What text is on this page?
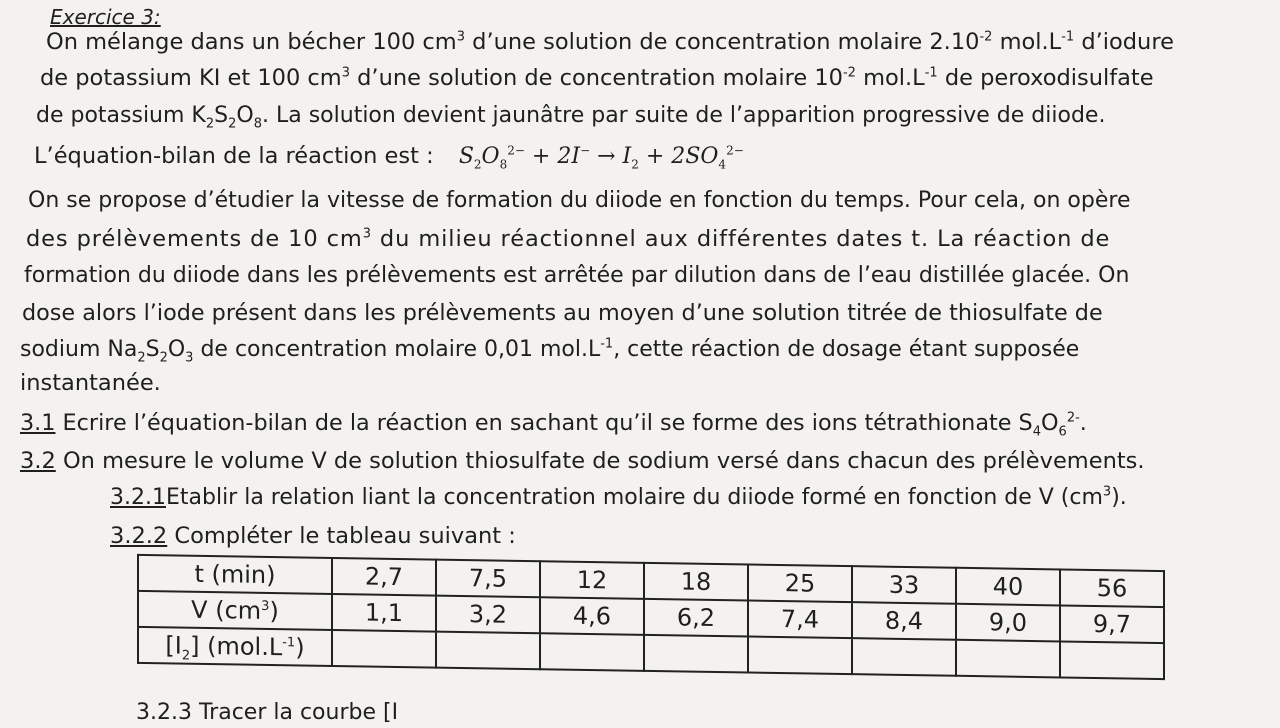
Exercice 3:
On mélange dans un bécher 100 $cm^3$ d’une solution de concentration molaire $2.10^{-2}$ $mol.L^{-1}$ d’iodure
de potassium KI et 100 $cm^3$ d’une solution de concentration molaire $10^{-2}$ $mol.L^{-1}$ de peroxodisulfate
de potassium $K_2S_2O_8$. La solution devient jaunâtre par suite de l’apparition progressive de diiode.
L’équation-bilan de la réaction est : $S_2O_8^{2-} + 2I^- \to I_2 + 2SO_4^{2-}$
On se propose d’étudier la vitesse de formation du diiode en fonction du temps. Pour cela, on opère
des prélèvements de 10 $cm^3$ du milieu réactionnel aux différentes dates t. La réaction de
formation du diiode dans les prélèvements est arrêtée par dilution dans de l’eau distillée glacée. On
dose alors l’iode présent dans les prélèvements au moyen d’une solution titrée de thiosulfate de
sodium $Na_2S_2O_3$ de concentration molaire 0,01 $mol.L^{-1}$, cette réaction de dosage étant supposée
instantanée.
3.1 Ecrire l’équation-bilan de la réaction en sachant qu’il se forme des ions tétrathionate $S_4O_6^{2-}$.
3.2 On mesure le volume V de solution thiosulfate de sodium versé dans chacun des prélèvements.
3.2.1Etablir la relation liant la concentration molaire du diiode formé en fonction de V $(cm^3)$.
3.2.2 Compléter le tableau suivant :
t (min)	2,7	7,5	12	18	25	33	40	56
V $(cm^3)$	1,1	3,2	4,6	6,2	7,4	8,4	9,0	9,7
$[I_2]$ $(mol.L^{-1})$								
3.2.3 Tracer la courbe [I
